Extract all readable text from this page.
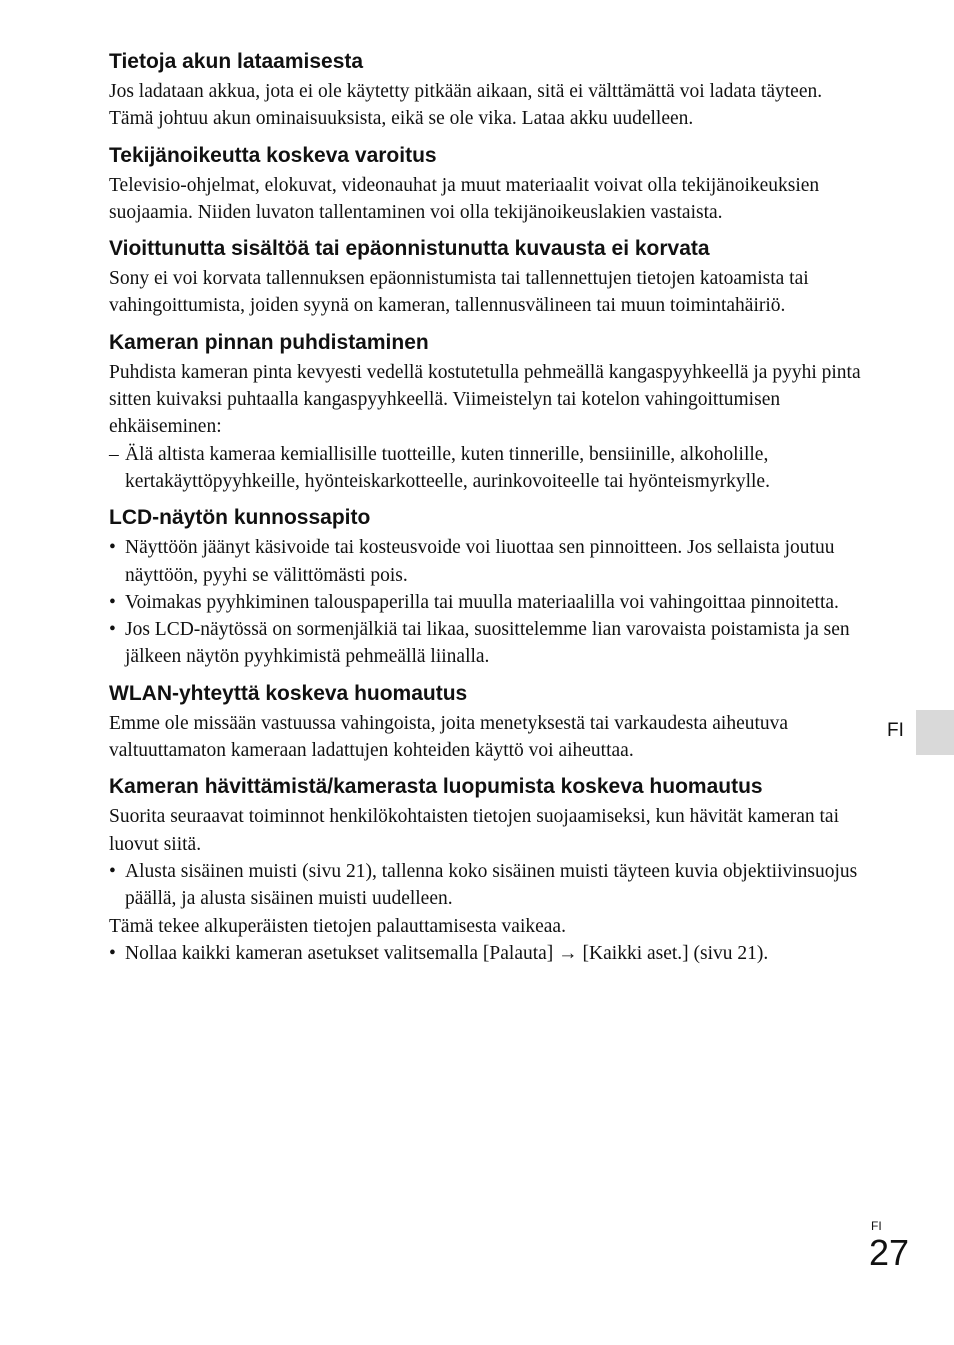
Tietoja akun lataamisesta

Jos ladataan akkua, jota ei ole käytetty pitkään aikaan, sitä ei välttämättä voi ladata täyteen.

Tämä johtuu akun ominaisuuksista, eikä se ole vika. Lataa akku uudelleen.

Tekijänoikeutta koskeva varoitus

Televisio-ohjelmat, elokuvat, videonauhat ja muut materiaalit voivat olla tekijänoikeuksien suojaamia. Niiden luvaton tallentaminen voi olla tekijänoikeuslakien vastaista.

Vioittunutta sisältöä tai epäonnistunutta kuvausta ei korvata

Sony ei voi korvata tallennuksen epäonnistumista tai tallennettujen tietojen katoamista tai vahingoittumista, joiden syynä on kameran, tallennusvälineen tai muun toimintahäiriö.

Kameran pinnan puhdistaminen

Puhdista kameran pinta kevyesti vedellä kostutetulla pehmeällä kangaspyyhkeellä ja pyyhi pinta sitten kuivaksi puhtaalla kangaspyyhkeellä. Viimeistelyn tai kotelon vahingoittumisen ehkäiseminen:

– Älä altista kameraa kemiallisille tuotteille, kuten tinnerille, bensiinille, alkoholille, kertakäyttöpyyhkeille, hyönteiskarkotteelle, aurinkovoiteelle tai hyönteismyrkylle.
LCD-näytön kunnossapito
• Näyttöön jäänyt käsivoide tai kosteusvoide voi liuottaa sen pinnoitteen. Jos sellaista joutuu näyttöön, pyyhi se välittömästi pois.
• Voimakas pyyhkiminen talouspaperilla tai muulla materiaalilla voi vahingoittaa pinnoitetta.
• Jos LCD-näytössä on sormenjälkiä tai likaa, suosittelemme lian varovaista poistamista ja sen jälkeen näytön pyyhkimistä pehmeällä liinalla.
WLAN-yhteyttä koskeva huomautus

Emme ole missään vastuussa vahingoista, joita menetyksestä tai varkaudesta aiheutuva valtuuttamaton kameraan ladattujen kohteiden käyttö voi aiheuttaa.

Kameran hävittämistä/kamerasta luopumista koskeva huomautus

Suorita seuraavat toiminnot henkilökohtaisten tietojen suojaamiseksi, kun hävität kameran tai luovut siitä.

• Alusta sisäinen muisti (sivu 21), tallenna koko sisäinen muisti täyteen kuvia objektiivinsuojus päällä, ja alusta sisäinen muisti uudelleen.

Tämä tekee alkuperäisten tietojen palauttamisesta vaikeaa.

• Nollaa kaikki kameran asetukset valitsemalla [Palauta] → [Kaikki aset.] (sivu 21).
FI
FI
27
